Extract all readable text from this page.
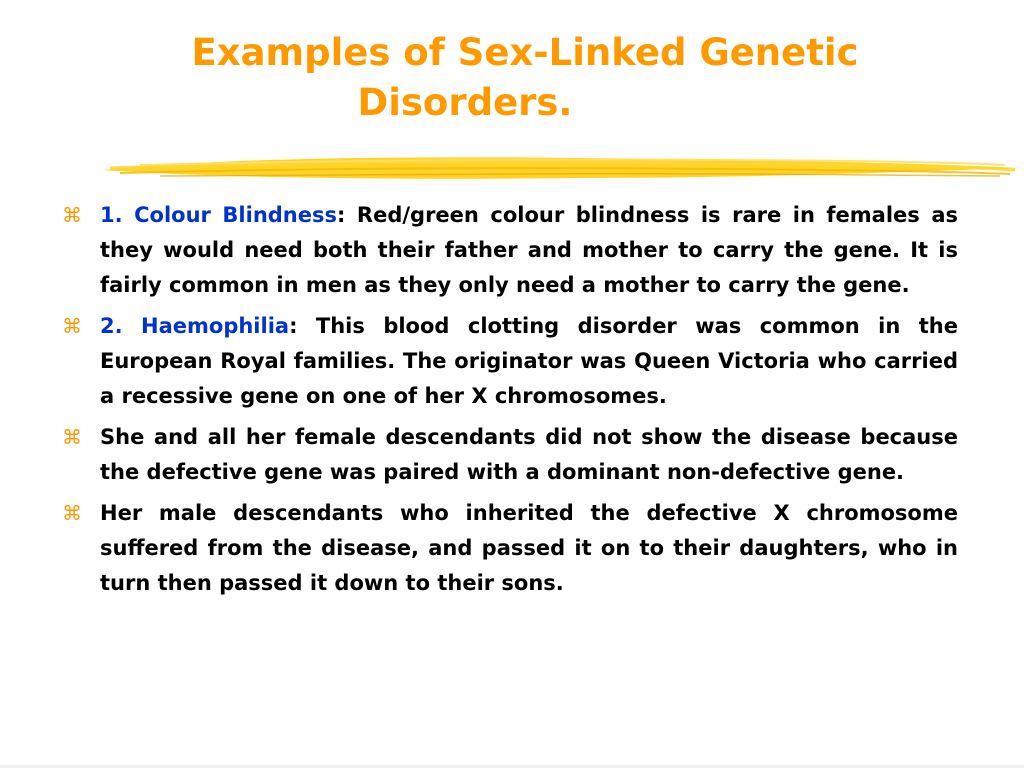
Examples of Sex-Linked Genetic
Disorders.
⌘ 1. Colour Blindness: Red/green colour blindness is rare in females as they would need both their father and mother to carry the gene. It is fairly common in men as they only need a mother to carry the gene.
⌘ 2. Haemophilia: This blood clotting disorder was common in the European Royal families. The originator was Queen Victoria who carried a recessive gene on one of her X chromosomes.
⌘ She and all her female descendants did not show the disease because the defective gene was paired with a dominant non-defective gene.
⌘ Her male descendants who inherited the defective X chromosome suffered from the disease, and passed it on to their daughters, who in turn then passed it down to their sons.
